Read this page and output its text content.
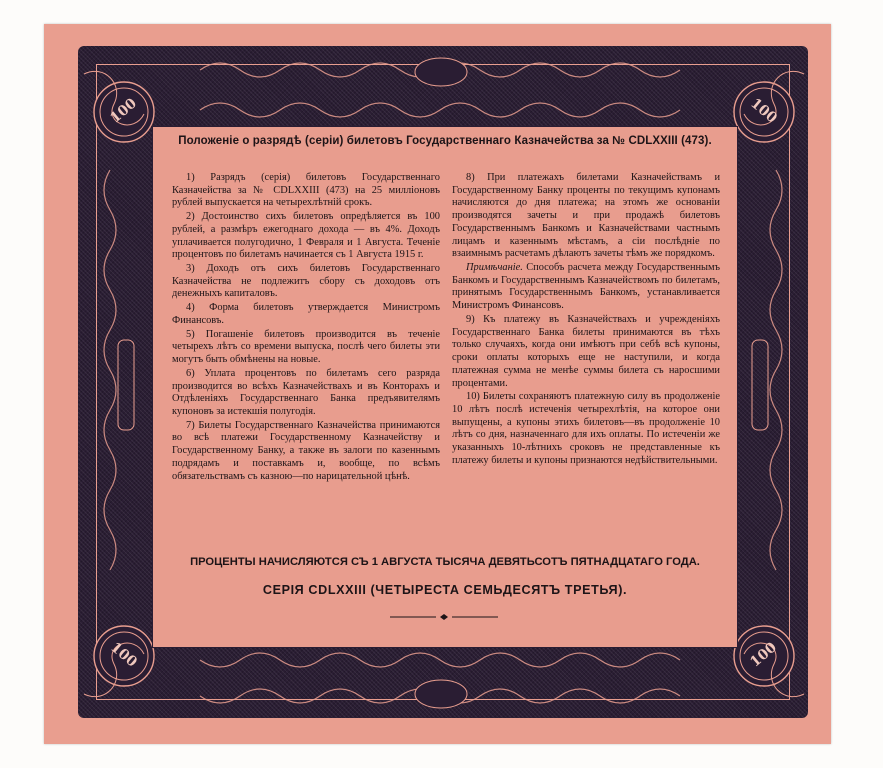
100	100
100	100
Положеніе о разрядѣ (серіи) билетовъ Государственнаго Казначейства за № CDLXXIII (473).

1) Разрядъ (серія) билетовъ Государственнаго Казначейства за № CDLXXIII (473) на 25 милліоновъ рублей выпускается на четырехлѣтній срокъ.

2) Достоинство сихъ билетовъ опредѣляется въ 100 рублей, а размѣръ ежегоднаго дохода — въ 4%. Доходъ уплачивается полугодично, 1 Февраля и 1 Августа. Теченіе процентовъ по билетамъ начинается съ 1 Августа 1915 г.

3) Доходъ отъ сихъ билетовъ Государственнаго Казначейства не подлежитъ сбору съ доходовъ отъ денежныхъ капиталовъ.

4) Форма билетовъ утверждается Министромъ Финансовъ.

5) Погашеніе билетовъ производится въ теченіе четырехъ лѣтъ со времени выпуска, послѣ чего билеты эти могутъ быть обмѣнены на новые.

6) Уплата процентовъ по билетамъ сего разряда производится во всѣхъ Казначействахъ и въ Конторахъ и Отдѣленіяхъ Государственнаго Банка предъявителямъ купоновъ за истекшія полугодія.

7) Билеты Государственнаго Казначейства принимаются во всѣ платежи Государственному Казначейству и Государственному Банку, а также въ залоги по казеннымъ подрядамъ и поставкамъ и, вообще, по всѣмъ обязательствамъ съ казною—по нарицательной цѣнѣ.

8) При платежахъ билетами Казначействамъ и Государственному Банку проценты по текущимъ купонамъ начисляются до дня платежа; на этомъ же основаніи производятся зачеты и при продажѣ билетовъ Государственнымъ Банкомъ и Казначействами частнымъ лицамъ и казеннымъ мѣстамъ, а сіи послѣдніе по взаимнымъ расчетамъ дѣлаютъ зачеты тѣмъ же порядкомъ.

Примѣчаніе. Способъ расчета между Государственнымъ Банкомъ и Государственнымъ Казначействомъ по билетамъ, принятымъ Государственнымъ Банкомъ, устанавливается Министромъ Финансовъ.

9) Къ платежу въ Казначействахъ и учрежденіяхъ Государственнаго Банка билеты принимаются въ тѣхъ только случаяхъ, когда они имѣютъ при себѣ всѣ купоны, сроки оплаты которыхъ еще не наступили, и когда платежная сумма не менѣе суммы билета съ наросшими процентами.

10) Билеты сохраняютъ платежную силу въ продолженіе 10 лѣтъ послѣ истеченія четырехлѣтія, на которое они выпущены, а купоны этихъ билетовъ—въ продолженіе 10 лѣтъ со дня, назначеннаго для ихъ оплаты. По истеченіи же указанныхъ 10-лѣтнихъ сроковъ не представленные къ платежу билеты и купоны признаются недѣйствительными.

ПРОЦЕНТЫ НАЧИСЛЯЮТСЯ СЪ 1 АВГУСТА ТЫСЯЧА ДЕВЯТЬСОТЪ ПЯТНАДЦАТАГО ГОДА.
СЕРІЯ CDLXXIII (ЧЕТЫРЕСТА СЕМЬДЕСЯТЪ ТРЕТЬЯ).
